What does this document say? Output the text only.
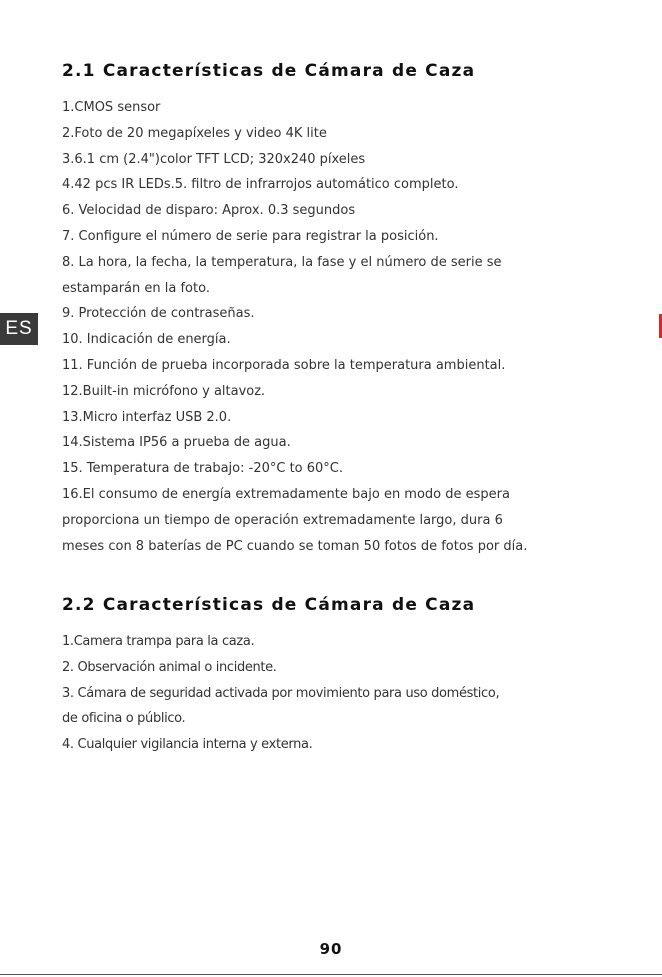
ES
2.1 Características de Cámara de Caza
1.CMOS sensor
2.Foto de 20 megapíxeles y video 4K lite
3.6.1 cm (2.4")color TFT LCD; 320x240 píxeles
4.42 pcs IR LEDs.5. filtro de infrarrojos automático completo.
6. Velocidad de disparo: Aprox. 0.3 segundos
7. Configure el número de serie para registrar la posición.
8. La hora, la fecha, la temperatura, la fase y el número de serie se
estamparán en la foto.
9. Protección de contraseñas.
10. Indicación de energía.
11. Función de prueba incorporada sobre la temperatura ambiental.
12.Built-in micrófono y altavoz.
13.Micro interfaz USB 2.0.
14.Sistema IP56 a prueba de agua.
15. Temperatura de trabajo: -20°C to 60°C.
16.El consumo de energía extremadamente bajo en modo de espera
proporciona un tiempo de operación extremadamente largo, dura 6
meses con 8 baterías de PC cuando se toman 50 fotos de fotos por día.
2.2 Características de Cámara de Caza
1.Camera trampa para la caza.
2. Observación animal o incidente.
3. Cámara de seguridad activada por movimiento para uso doméstico,
de oficina o público.
4. Cualquier vigilancia interna y externa.
90
